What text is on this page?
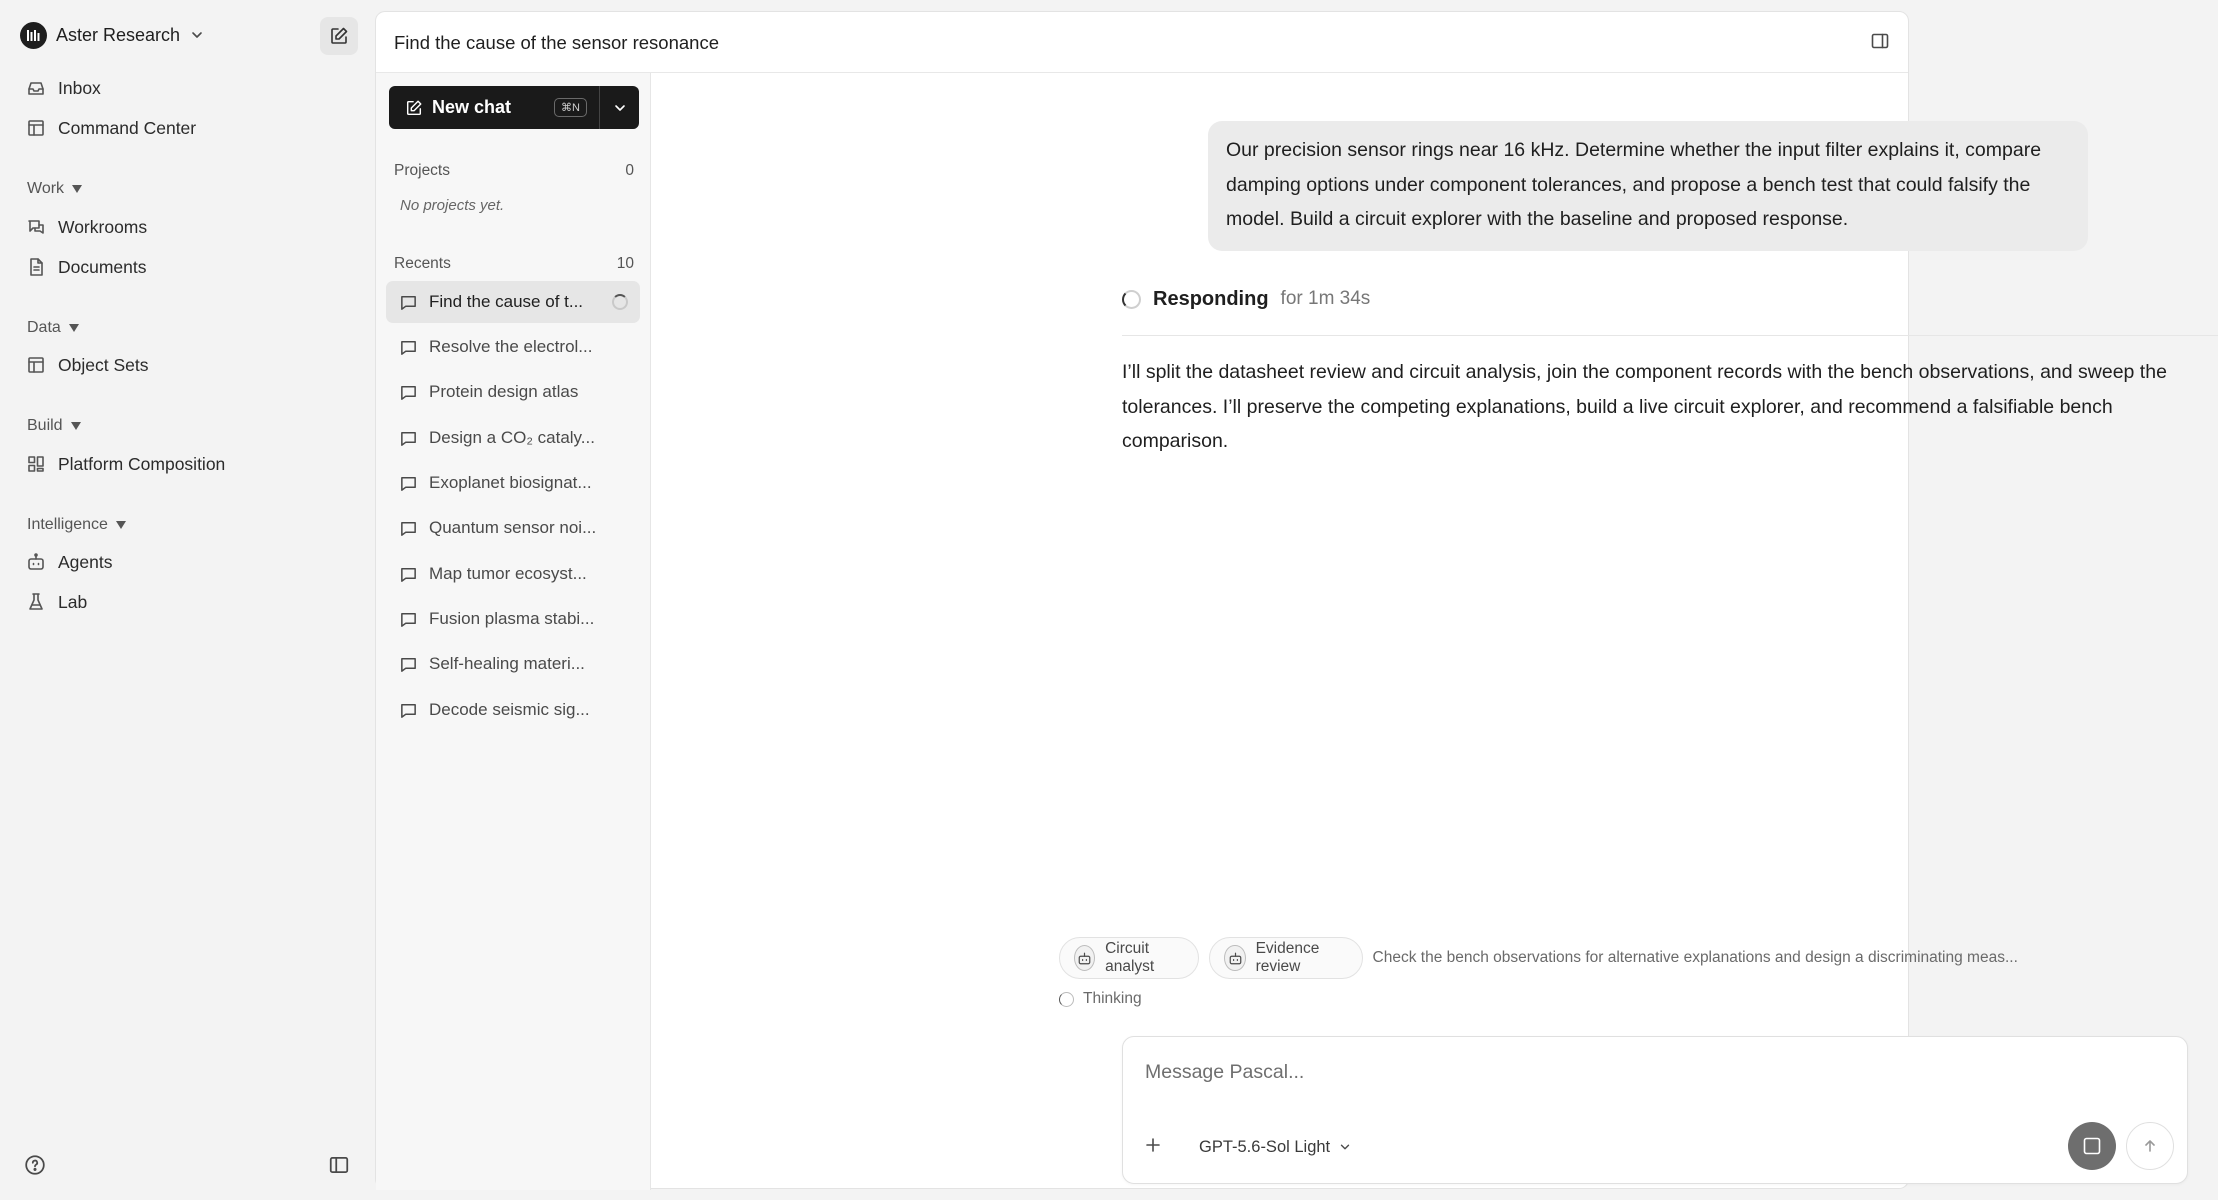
Aster Research
Inbox
Command Center
Work
Workrooms
Documents
Data
Object Sets
Build
Platform Composition
Intelligence
Agents
Lab
Find the cause of the sensor resonance
New chat	⌘N
Projects	0
No projects yet.
Recents	10
Find the cause of t...
Resolve the electrol...
Protein design atlas
Design a CO₂ cataly...
Exoplanet biosignat...
Quantum sensor noi...
Map tumor ecosyst...
Fusion plasma stabi...
Self-healing materi...
Decode seismic sig...
Our precision sensor rings near 16 kHz. Determine whether the input filter explains it, compare damping options under component tolerances, and propose a bench test that could falsify the model. Build a circuit explorer with the baseline and proposed response.
Responding for 1m 34s
I’ll split the datasheet review and circuit analysis, join the component records with the bench observations, and sweep the tolerances. I’ll preserve the competing explanations, build a live circuit explorer, and recommend a falsifiable bench comparison.
Circuit analyst
Evidence review
Check the bench observations for alternative explanations and design a discriminating meas...
Thinking
Message Pascal...
GPT-5.6-Sol Light
